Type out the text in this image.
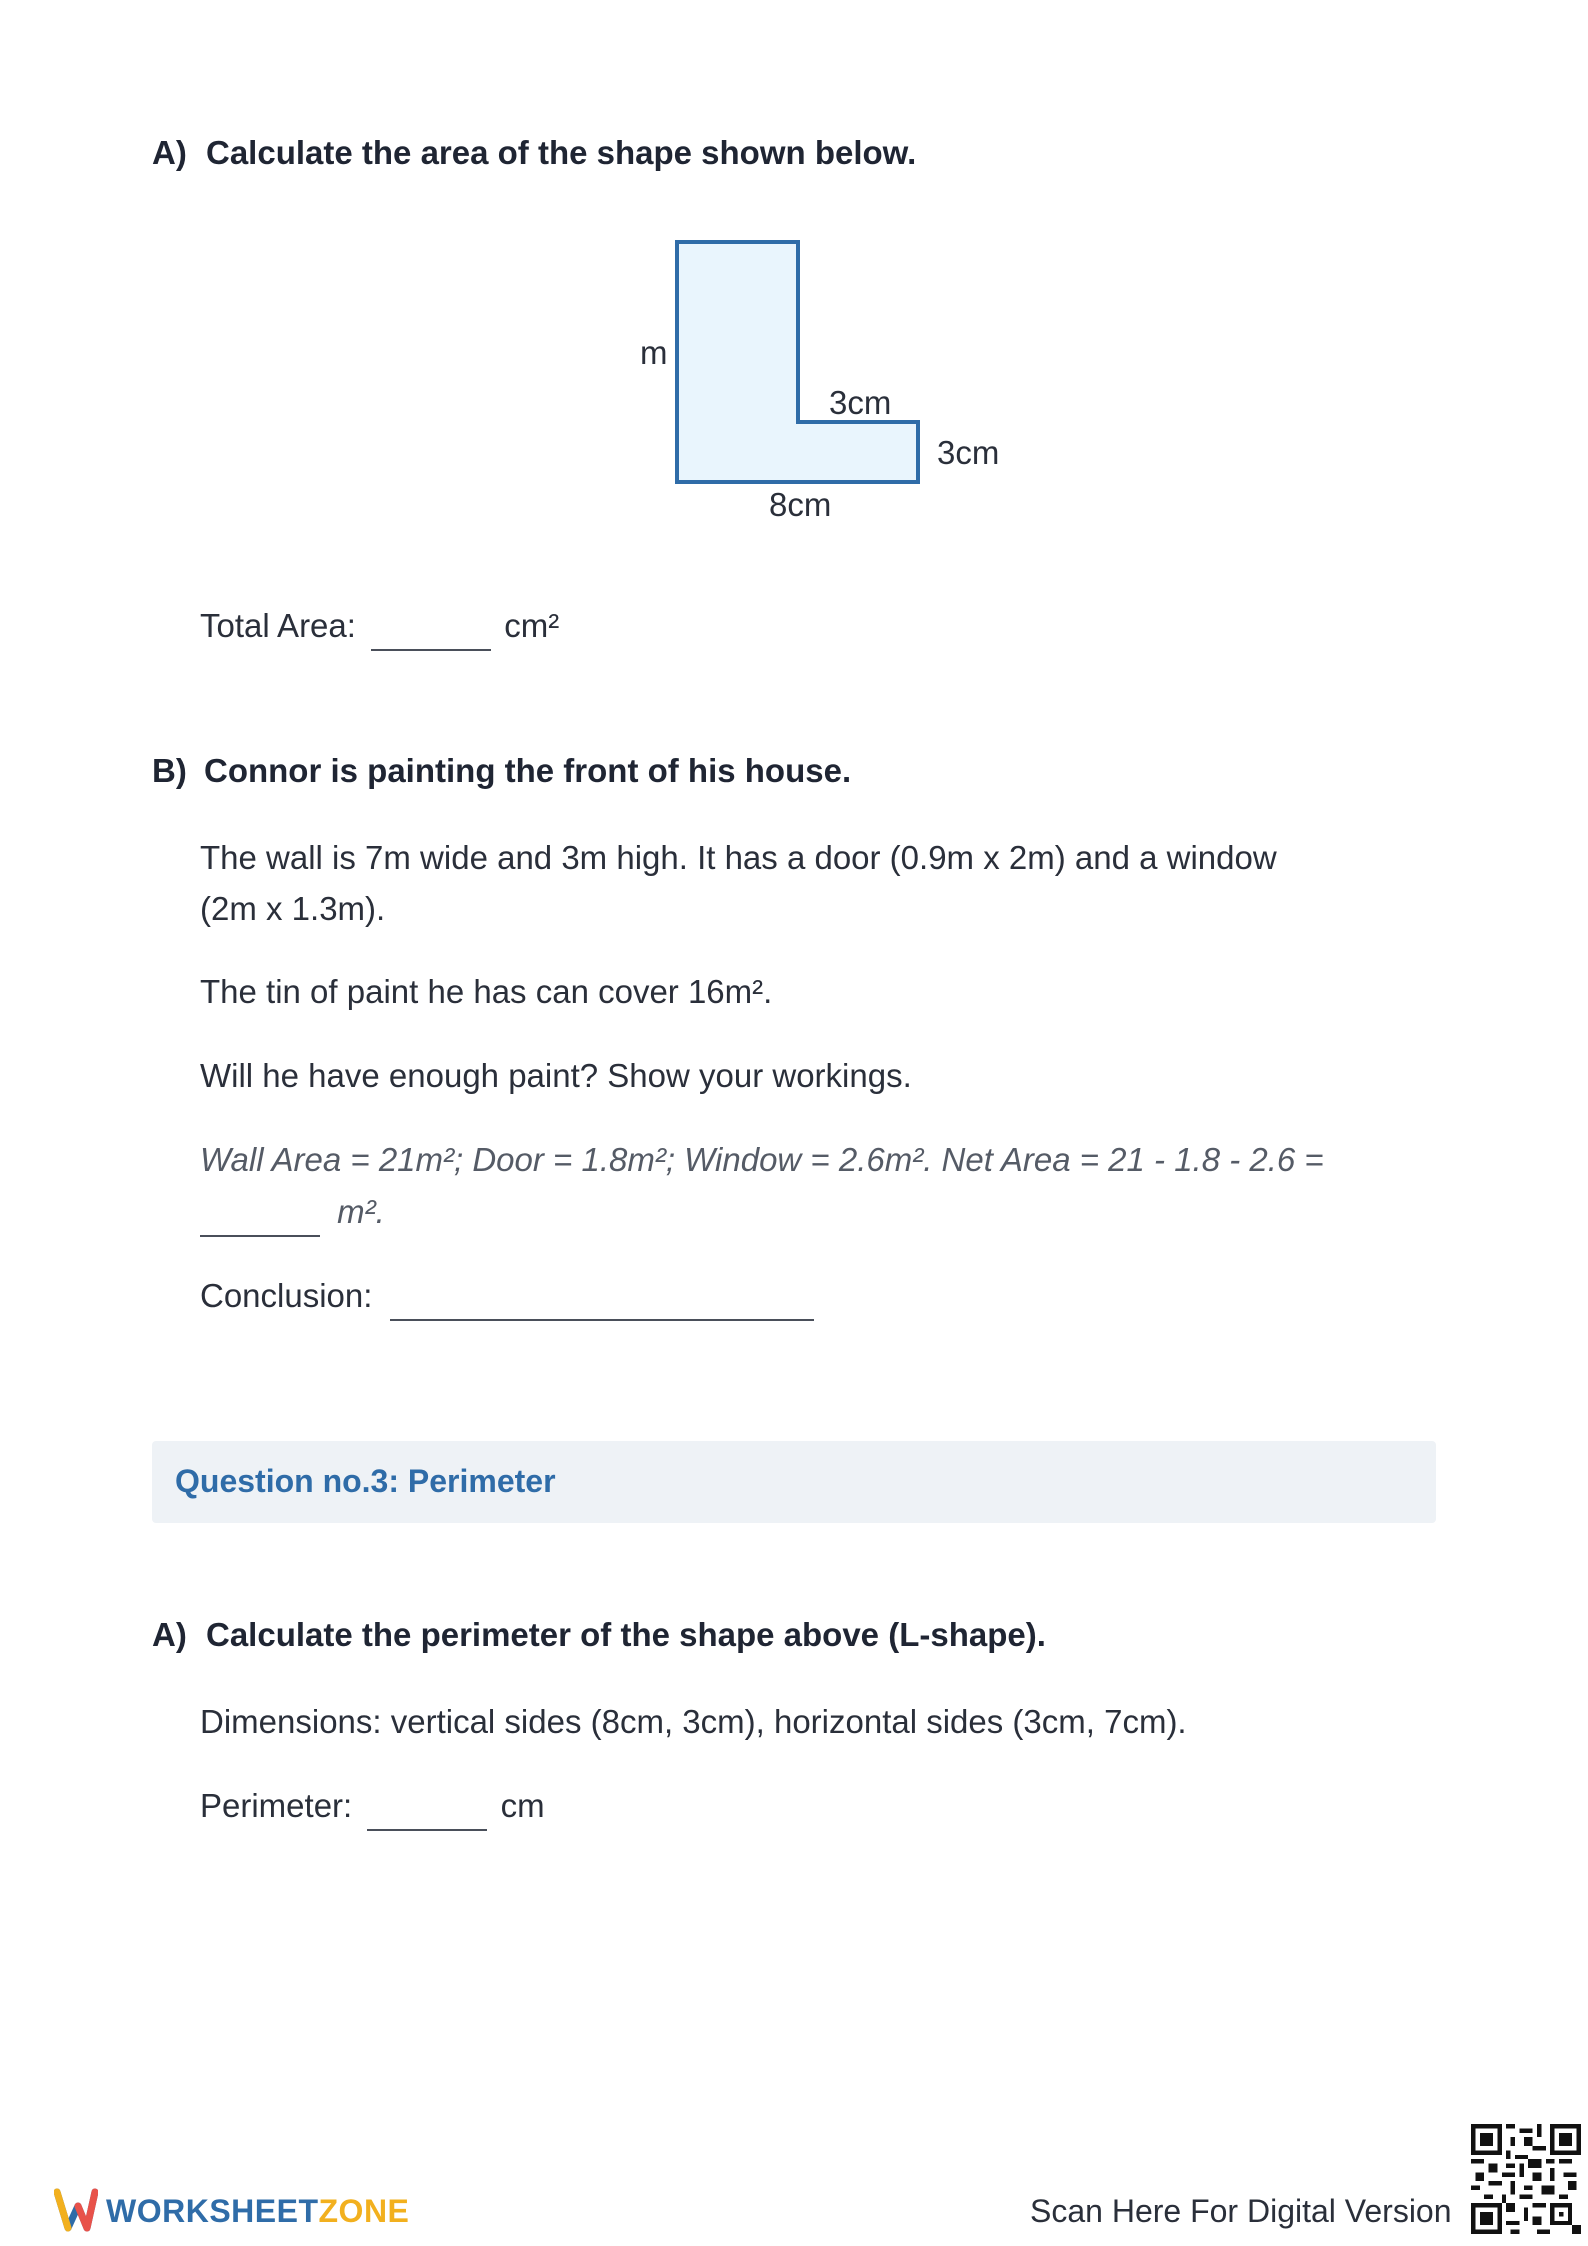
A) Calculate the area of the shape shown below.
m
3cm
3cm
8cm
Total Area:	cm²
B) Connor is painting the front of his house.
The wall is 7m wide and 3m high. It has a door (0.9m x 2m) and a window
(2m x 1.3m).
The tin of paint he has can cover 16m².
Will he have enough paint? Show your workings.
Wall Area = 21m²; Door = 1.8m²; Window = 2.6m². Net Area = 21 - 1.8 - 2.6 =
m².
Conclusion:
Question no.3: Perimeter
A) Calculate the perimeter of the shape above (L-shape).
Dimensions: vertical sides (8cm, 3cm), horizontal sides (3cm, 7cm).
Perimeter:	cm
WORKSHEETZONE	Scan Here For Digital Version
